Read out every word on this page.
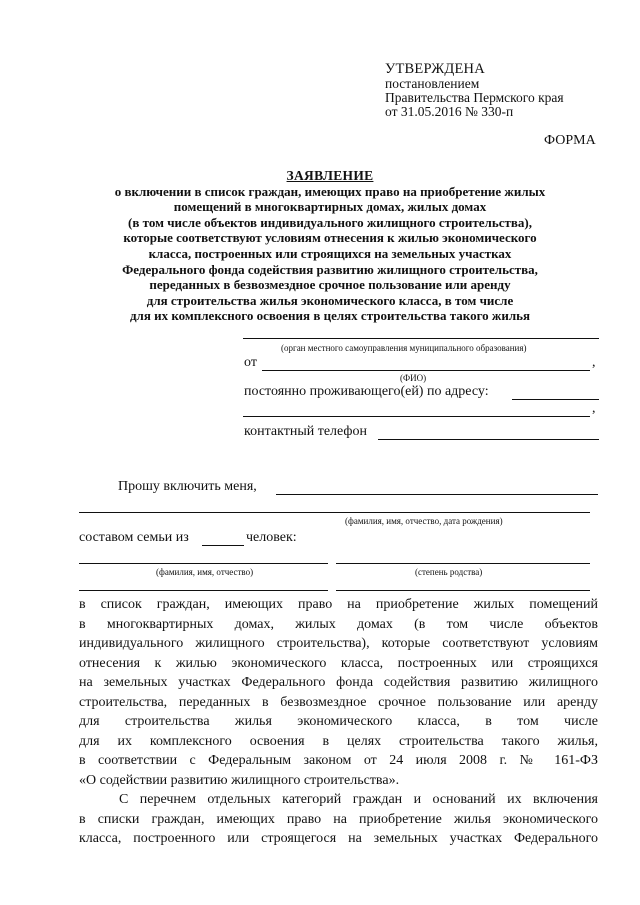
УТВЕРЖДЕНА
постановлением
Правительства Пермского края
от 31.05.2016 № 330-п
ФОРМА
ЗАЯВЛЕНИЕ
о включении в список граждан, имеющих право на приобретение жилых
помещений в многоквартирных домах, жилых домах
(в том числе объектов индивидуального жилищного строительства),
которые соответствуют условиям отнесения к жилью экономического
класса, построенных или строящихся на земельных участках
Федерального фонда содействия развитию жилищного строительства,
переданных в безвозмездное срочное пользование или аренду
для строительства жилья экономического класса, в том числе
для их комплексного освоения в целях строительства такого жилья
(орган местного самоуправления муниципального образования)
от	,
(ФИО)
постоянно проживающего(ей) по адресу:
,
контактный телефон
Прошу включить меня,
(фамилия, имя, отчество, дата рождения)
составом семьи из	человек:
(фамилия, имя, отчество)	(степень родства)
в список граждан, имеющих право на приобретение жилых помещений
в многоквартирных домах, жилых домах (в том числе объектов
индивидуального жилищного строительства), которые соответствуют условиям
отнесения к жилью экономического класса, построенных или строящихся
на земельных участках Федерального фонда содействия развитию жилищного
строительства, переданных в безвозмездное срочное пользование или аренду
для строительства жилья экономического класса, в том числе
для их комплексного освоения в целях строительства такого жилья,
в соответствии с Федеральным законом от 24 июля 2008 г. № 161-ФЗ
«О содействии развитию жилищного строительства».
С перечнем отдельных категорий граждан и оснований их включения
в списки граждан, имеющих право на приобретение жилья экономического
класса, построенного или строящегося на земельных участках Федерального
